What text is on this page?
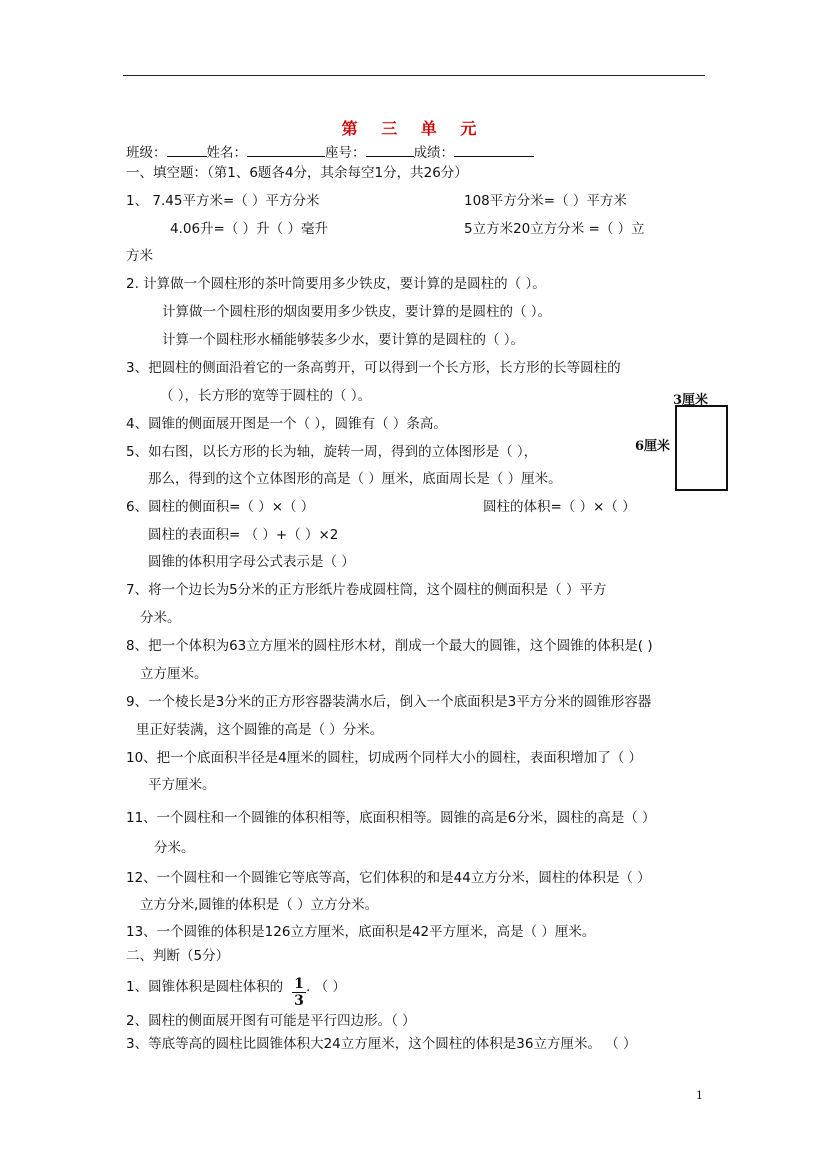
第 三 单 元
班级：	姓名：	座号：	成绩：
一、填空题：（第1、6题各4分，其余每空1分，共26分）
1、 7.45平方米=（ ）平方分米	108平方分米=（ ）平方米
4.06升=（ ）升（ ）毫升	5立方米20立方分米 =（ ）立
方米
2. 计算做一个圆柱形的茶叶筒要用多少铁皮，要计算的是圆柱的（ ）。
计算做一个圆柱形的烟囱要用多少铁皮，要计算的是圆柱的（ ）。
计算一个圆柱形水桶能够装多少水，要计算的是圆柱的（ ）。
3、把圆柱的侧面沿着它的一条高剪开，可以得到一个长方形，长方形的长等圆柱的
（ ），长方形的宽等于圆柱的（ ）。
4、圆锥的侧面展开图是一个（ ），圆锥有（ ）条高。
5、如右图，以长方形的长为轴，旋转一周，得到的立体图形是（ ），
那么，得到的这个立体图形的高是（ ）厘米，底面周长是（ ）厘米。
6、圆柱的侧面积=（ ）×（ ）	圆柱的体积=（ ）×（ ）
圆柱的表面积= （ ）+（ ）×2
圆锥的体积用字母公式表示是（ ）
7、将一个边长为5分米的正方形纸片卷成圆柱筒，这个圆柱的侧面积是（ ）平方
分米。
8、把一个体积为63立方厘米的圆柱形木材，削成一个最大的圆锥，这个圆锥的体积是( )
立方厘米。
9、一个棱长是3分米的正方形容器装满水后，倒入一个底面积是3平方分米的圆锥形容器
里正好装满，这个圆锥的高是（ ）分米。
10、把一个底面积半径是4厘米的圆柱，切成两个同样大小的圆柱，表面积增加了（ ）
平方厘米。
11、一个圆柱和一个圆锥的体积相等，底面积相等。圆锥的高是6分米，圆柱的高是（ ）
分米。
12、一个圆柱和一个圆锥它等底等高，它们体积的和是44立方分米，圆柱的体积是（ ）
立方分米,圆锥的体积是（ ）立方分米。
13、一个圆锥的体积是126立方厘米，底面积是42平方厘米，高是（ ）厘米。
二、判断（5分）
1、圆锥体积是圆柱体积的 1
3
. （ ）
2、圆柱的侧面展开图有可能是平行四边形。（ ）
3、等底等高的圆柱比圆锥体积大24立方厘米，这个圆柱的体积是36立方厘米。 （ ）
3厘米
6厘米
1
